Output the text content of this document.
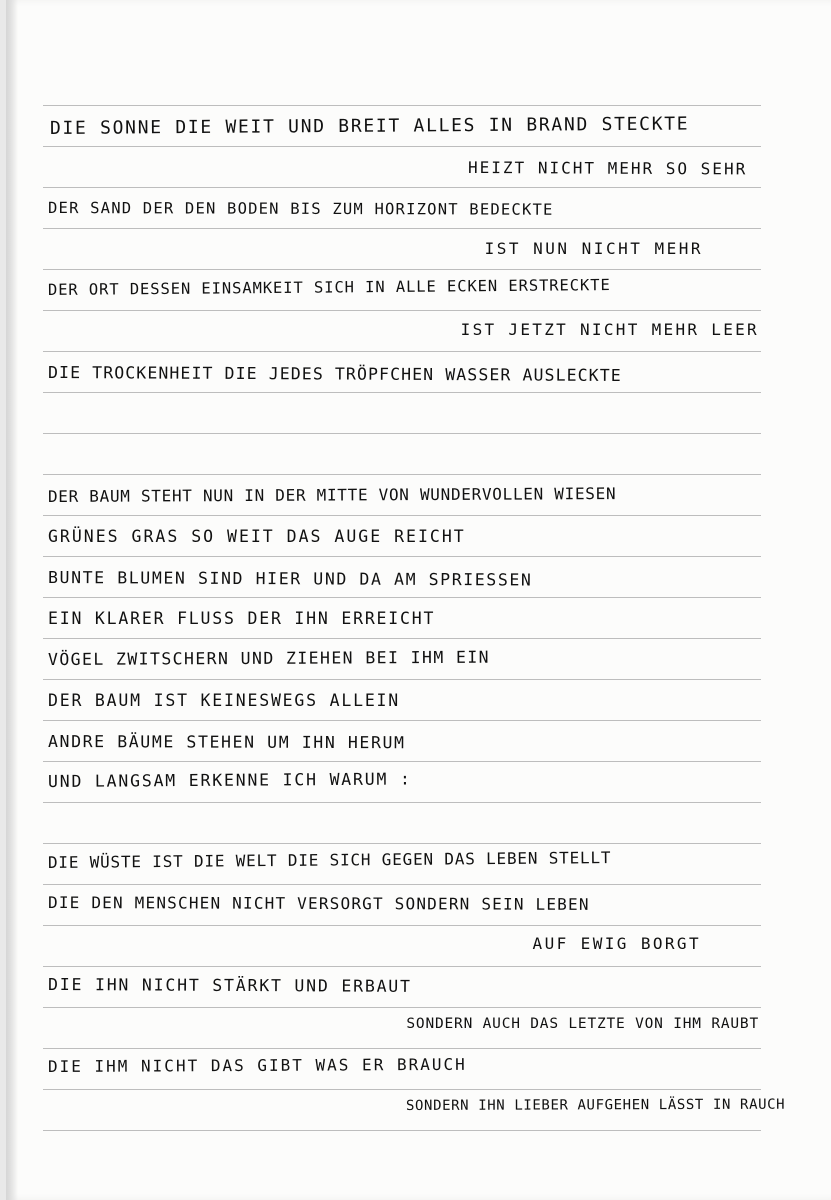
DIE SONNE DIE WEIT UND BREIT ALLES IN BRAND STECKTE
HEIZT NICHT MEHR SO SEHR
DER SAND DER DEN BODEN BIS ZUM HORIZONT BEDECKTE
IST NUN NICHT MEHR
DER ORT DESSEN EINSAMKEIT SICH IN ALLE ECKEN ERSTRECKTE
IST JETZT NICHT MEHR LEER
DIE TROCKENHEIT DIE JEDES TRÖPFCHEN WASSER AUSLECKTE
DER BAUM STEHT NUN IN DER MITTE VON WUNDERVOLLEN WIESEN
GRÜNES GRAS SO WEIT DAS AUGE REICHT
BUNTE BLUMEN SIND HIER UND DA AM SPRIESSEN
EIN KLARER FLUSS DER IHN ERREICHT
VÖGEL ZWITSCHERN UND ZIEHEN BEI IHM EIN
DER BAUM IST KEINESWEGS ALLEIN
ANDRE BÄUME STEHEN UM IHN HERUM
UND LANGSAM ERKENNE ICH WARUM :
DIE WÜSTE IST DIE WELT DIE SICH GEGEN DAS LEBEN STELLT
DIE DEN MENSCHEN NICHT VERSORGT SONDERN SEIN LEBEN
AUF EWIG BORGT
DIE IHN NICHT STÄRKT UND ERBAUT
SONDERN AUCH DAS LETZTE VON IHM RAUBT
DIE IHM NICHT DAS GIBT WAS ER BRAUCH
SONDERN IHN LIEBER AUFGEHEN LÄSST IN RAUCH
